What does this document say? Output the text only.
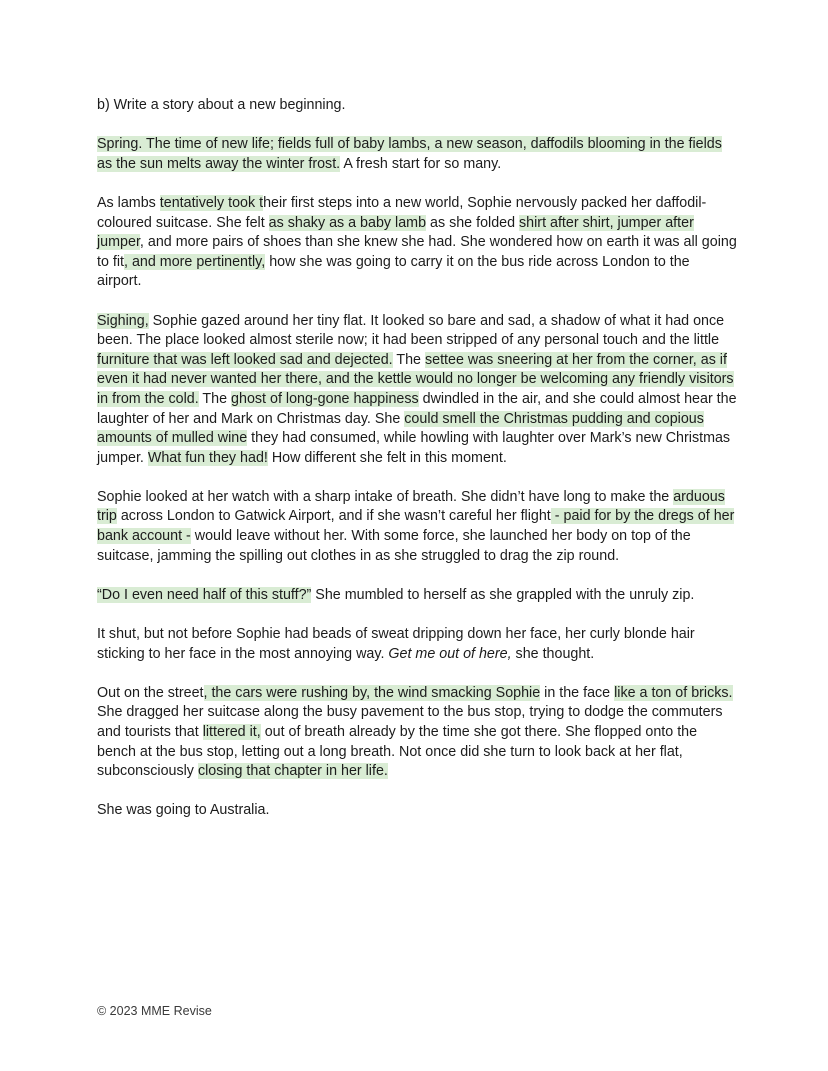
b) Write a story about a new beginning.

Spring. The time of new life; fields full of baby lambs, a new season, daffodils blooming in the fields as the sun melts away the winter frost. A fresh start for so many.

As lambs tentatively took their first steps into a new world, Sophie nervously packed her daffodil-coloured suitcase. She felt as shaky as a baby lamb as she folded shirt after shirt, jumper after jumper, and more pairs of shoes than she knew she had. She wondered how on earth it was all going to fit, and more pertinently, how she was going to carry it on the bus ride across London to the airport.

Sighing, Sophie gazed around her tiny flat. It looked so bare and sad, a shadow of what it had once been. The place looked almost sterile now; it had been stripped of any personal touch and the little furniture that was left looked sad and dejected. The settee was sneering at her from the corner, as if even it had never wanted her there, and the kettle would no longer be welcoming any friendly visitors in from the cold. The ghost of long-gone happiness dwindled in the air, and she could almost hear the laughter of her and Mark on Christmas day. She could smell the Christmas pudding and copious amounts of mulled wine they had consumed, while howling with laughter over Mark’s new Christmas jumper. What fun they had! How different she felt in this moment.

Sophie looked at her watch with a sharp intake of breath. She didn’t have long to make the arduous trip across London to Gatwick Airport, and if she wasn’t careful her flight - paid for by the dregs of her bank account - would leave without her. With some force, she launched her body on top of the suitcase, jamming the spilling out clothes in as she struggled to drag the zip round.

“Do I even need half of this stuff?” She mumbled to herself as she grappled with the unruly zip.

It shut, but not before Sophie had beads of sweat dripping down her face, her curly blonde hair sticking to her face in the most annoying way. Get me out of here, she thought.

Out on the street, the cars were rushing by, the wind smacking Sophie in the face like a ton of bricks. She dragged her suitcase along the busy pavement to the bus stop, trying to dodge the commuters and tourists that littered it, out of breath already by the time she got there. She flopped onto the bench at the bus stop, letting out a long breath. Not once did she turn to look back at her flat, subconsciously closing that chapter in her life.

She was going to Australia.

© 2023 MME Revise
